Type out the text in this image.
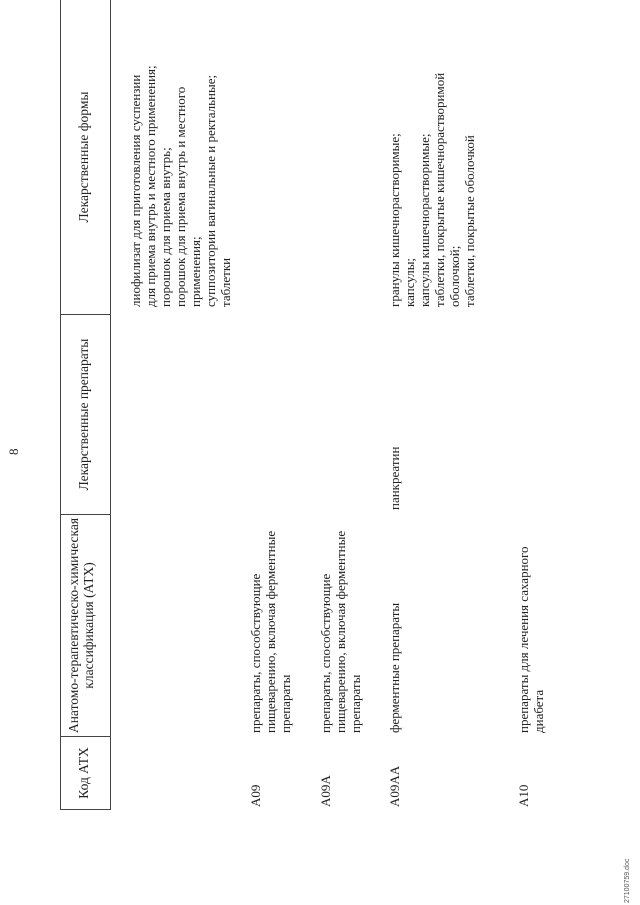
8
Код АТХ
Анатомо-терапевтическо-химическая
классификация (АТХ)
Лекарственные препараты
Лекарственные формы
лиофилизат для приготовления суспензии
для приема внутрь и местного применения;
порошок для приема внутрь;
порошок для приема внутрь и местного
применения;
суппозитории вагинальные и ректальные;
таблетки
A09
препараты, способствующие
пищеварению, включая ферментные
препараты
A09A
препараты, способствующие
пищеварению, включая ферментные
препараты
A09AA
ферментные препараты
панкреатин
гранулы кишечнорастворимые;
капсулы;
капсулы кишечнорастворимые;
таблетки, покрытые кишечнорастворимой
оболочкой;
таблетки, покрытые оболочкой
A10
препараты для лечения сахарного
диабета
2710075​9.doc
